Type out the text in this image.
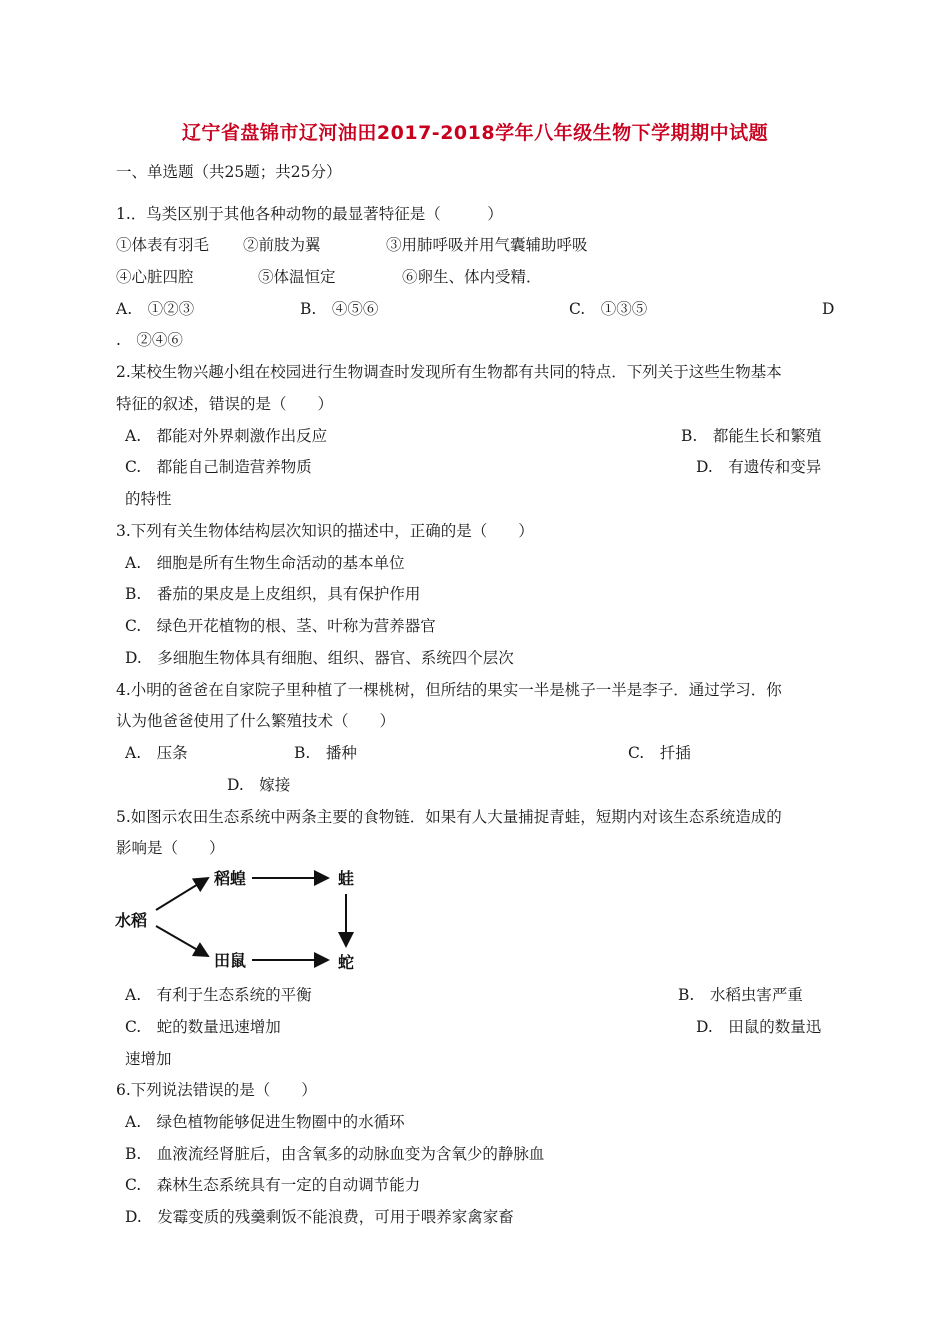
辽宁省盘锦市辽河油田2017-2018学年八年级生物下学期期中试题
一、单选题（共25题；共25分）
1.．鸟类区别于其他各种动物的最显著特征是（　　　）
①体表有羽毛 ②前肢为翼	③用肺呼吸并用气囊辅助呼吸
④心脏四腔	⑤体温恒定	⑥卵生、体内受精．
A.　①②③	B.　④⑤⑥	C.　①③⑤	D
.　②④⑥
2.某校生物兴趣小组在校园进行生物调查时发现所有生物都有共同的特点．下列关于这些生物基本
特征的叙述，错误的是（　　）
A.　都能对外界刺激作出反应	B.　都能生长和繁殖
C.　都能自己制造营养物质	D.　有遗传和变异
的特性
3.下列有关生物体结构层次知识的描述中，正确的是（　　）
A.　细胞是所有生物生命活动的基本单位
B.　番茄的果皮是上皮组织，具有保护作用
C.　绿色开花植物的根、茎、叶称为营养器官
D.　多细胞生物体具有细胞、组织、器官、系统四个层次
4.小明的爸爸在自家院子里种植了一棵桃树，但所结的果实一半是桃子一半是李子．通过学习．你
认为他爸爸使用了什么繁殖技术（　　）
A.　压条	B.　播种	C.　扦插
D.　嫁接
5.如图示农田生态系统中两条主要的食物链．如果有人大量捕捉青蛙，短期内对该生态系统造成的
影响是（　　）
水稻
稻蝗	蛙
田鼠	蛇
A.　有利于生态系统的平衡	B.　水稻虫害严重
C.　蛇的数量迅速增加	D.　田鼠的数量迅
速增加
6.下列说法错误的是（　　）
A.　绿色植物能够促进生物圈中的水循环
B.　血液流经肾脏后，由含氧多的动脉血变为含氧少的静脉血
C.　森林生态系统具有一定的自动调节能力
D.　发霉变质的残羹剩饭不能浪费，可用于喂养家禽家畜
